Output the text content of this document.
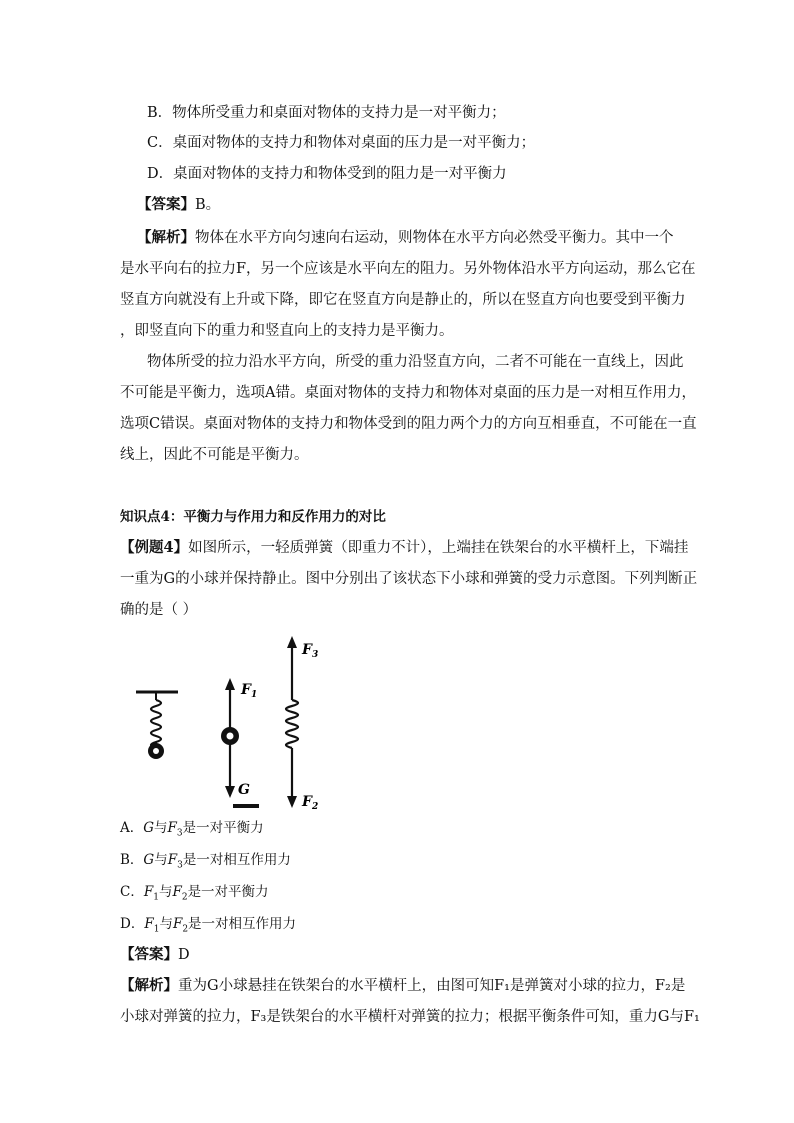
B．物体所受重力和桌面对物体的支持力是一对平衡力；
C．桌面对物体的支持力和物体对桌面的压力是一对平衡力；
D．桌面对物体的支持力和物体受到的阻力是一对平衡力
【答案】B。
【解析】物体在水平方向匀速向右运动，则物体在水平方向必然受平衡力。其中一个
是水平向右的拉力F，另一个应该是水平向左的阻力。另外物体沿水平方向运动，那么它在
竖直方向就没有上升或下降，即它在竖直方向是静止的，所以在竖直方向也要受到平衡力
，即竖直向下的重力和竖直向上的支持力是平衡力。
物体所受的拉力沿水平方向，所受的重力沿竖直方向，二者不可能在一直线上，因此
不可能是平衡力，选项A错。桌面对物体的支持力和物体对桌面的压力是一对相互作用力，
选项C错误。桌面对物体的支持力和物体受到的阻力两个力的方向互相垂直，不可能在一直
线上，因此不可能是平衡力。
知识点4：平衡力与作用力和反作用力的对比
【例题4】如图所示，一轻质弹簧（即重力不计），上端挂在铁架台的水平横杆上，下端挂
一重为G的小球并保持静止。图中分别出了该状态下小球和弹簧的受力示意图。下列判断正
确的是（ ）
$F_1$
G
$F_3$
$F_2$
A．G与$F_3$是一对平衡力
B．G与$F_3$是一对相互作用力
C．$F_1$与$F_2$是一对平衡力
D．$F_1$与$F_2$是一对相互作用力
【答案】D
【解析】重为G小球悬挂在铁架台的水平横杆上，由图可知F₁是弹簧对小球的拉力，F₂是
小球对弹簧的拉力，F₃是铁架台的水平横杆对弹簧的拉力；根据平衡条件可知，重力G与F₁
